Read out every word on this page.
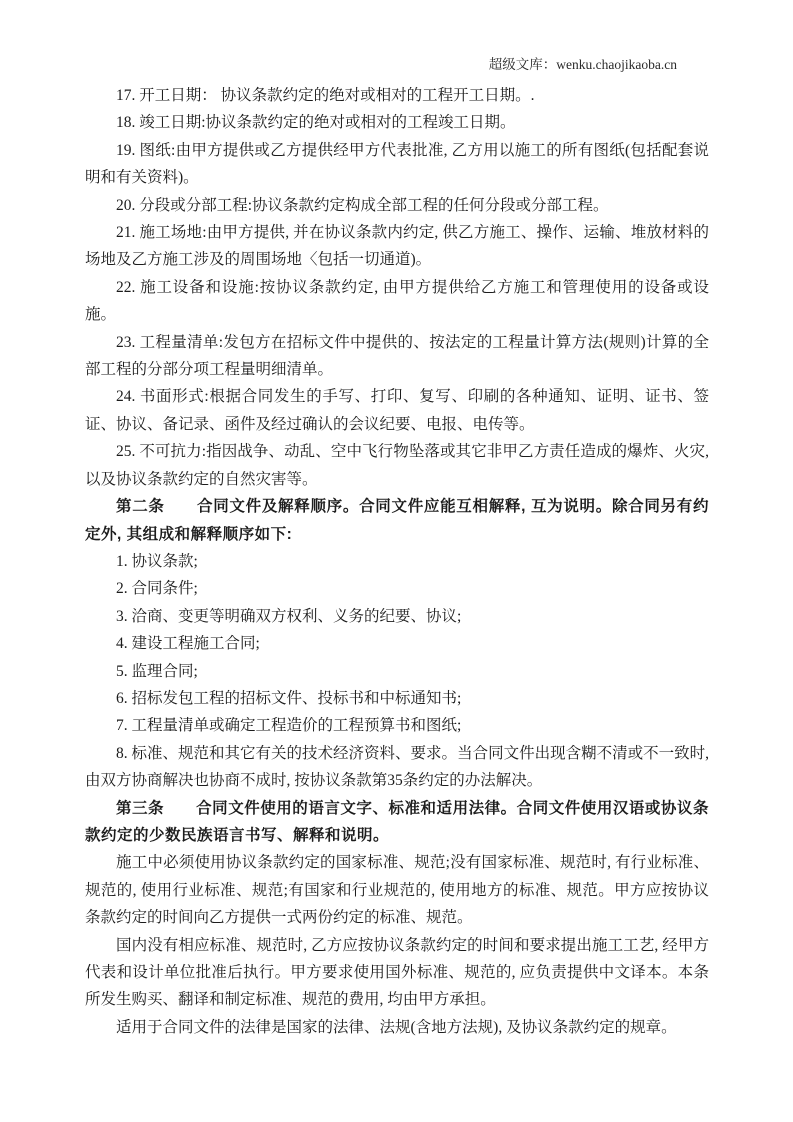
超级文库：wenku.chaojikaoba.cn

17. 开工日期： 协议条款约定的绝对或相对的工程开工日期。.

18. 竣工日期:协议条款约定的绝对或相对的工程竣工日期。

19. 图纸:由甲方提供或乙方提供经甲方代表批准, 乙方用以施工的所有图纸(包括配套说明和有关资料)。

20. 分段或分部工程:协议条款约定构成全部工程的任何分段或分部工程。

21. 施工场地:由甲方提供, 并在协议条款内约定, 供乙方施工、操作、运输、堆放材料的场地及乙方施工涉及的周围场地〈包括一切通道)。

22. 施工设备和设施:按协议条款约定, 由甲方提供给乙方施工和管理使用的设备或设施。

23. 工程量清单:发包方在招标文件中提供的、按法定的工程量计算方法(规则)计算的全部工程的分部分项工程量明细清单。

24. 书面形式:根据合同发生的手写、打印、复写、印刷的各种通知、证明、证书、签证、协议、备记录、函件及经过确认的会议纪要、电报、电传等。

25. 不可抗力:指因战争、动乱、空中飞行物坠落或其它非甲乙方责任造成的爆炸、火灾, 以及协议条款约定的自然灾害等。

第二条　　合同文件及解释顺序。合同文件应能互相解释, 互为说明。除合同另有约定外, 其组成和解释顺序如下:

1. 协议条款;

2. 合同条件;

3. 洽商、变更等明确双方权利、义务的纪要、协议;

4. 建设工程施工合同;

5. 监理合同;

6. 招标发包工程的招标文件、投标书和中标通知书;

7. 工程量清单或确定工程造价的工程预算书和图纸;

8. 标准、规范和其它有关的技术经济资料、要求。当合同文件出现含糊不清或不一致时, 由双方协商解决也协商不成时, 按协议条款第35条约定的办法解决。

第三条　　合同文件使用的语言文字、标准和适用法律。合同文件使用汉语或协议条款约定的少数民族语言书写、解释和说明。

施工中必须使用协议条款约定的国家标准、规范;没有国家标准、规范时, 有行业标准、规范的, 使用行业标准、规范;有国家和行业规范的, 使用地方的标准、规范。甲方应按协议条款约定的时间向乙方提供一式两份约定的标准、规范。

国内没有相应标准、规范时, 乙方应按协议条款约定的时间和要求提出施工工艺, 经甲方代表和设计单位批准后执行。甲方要求使用国外标准、规范的, 应负责提供中文译本。本条所发生购买、翻译和制定标准、规范的费用, 均由甲方承担。

适用于合同文件的法律是国家的法律、法规(含地方法规), 及协议条款约定的规章。
